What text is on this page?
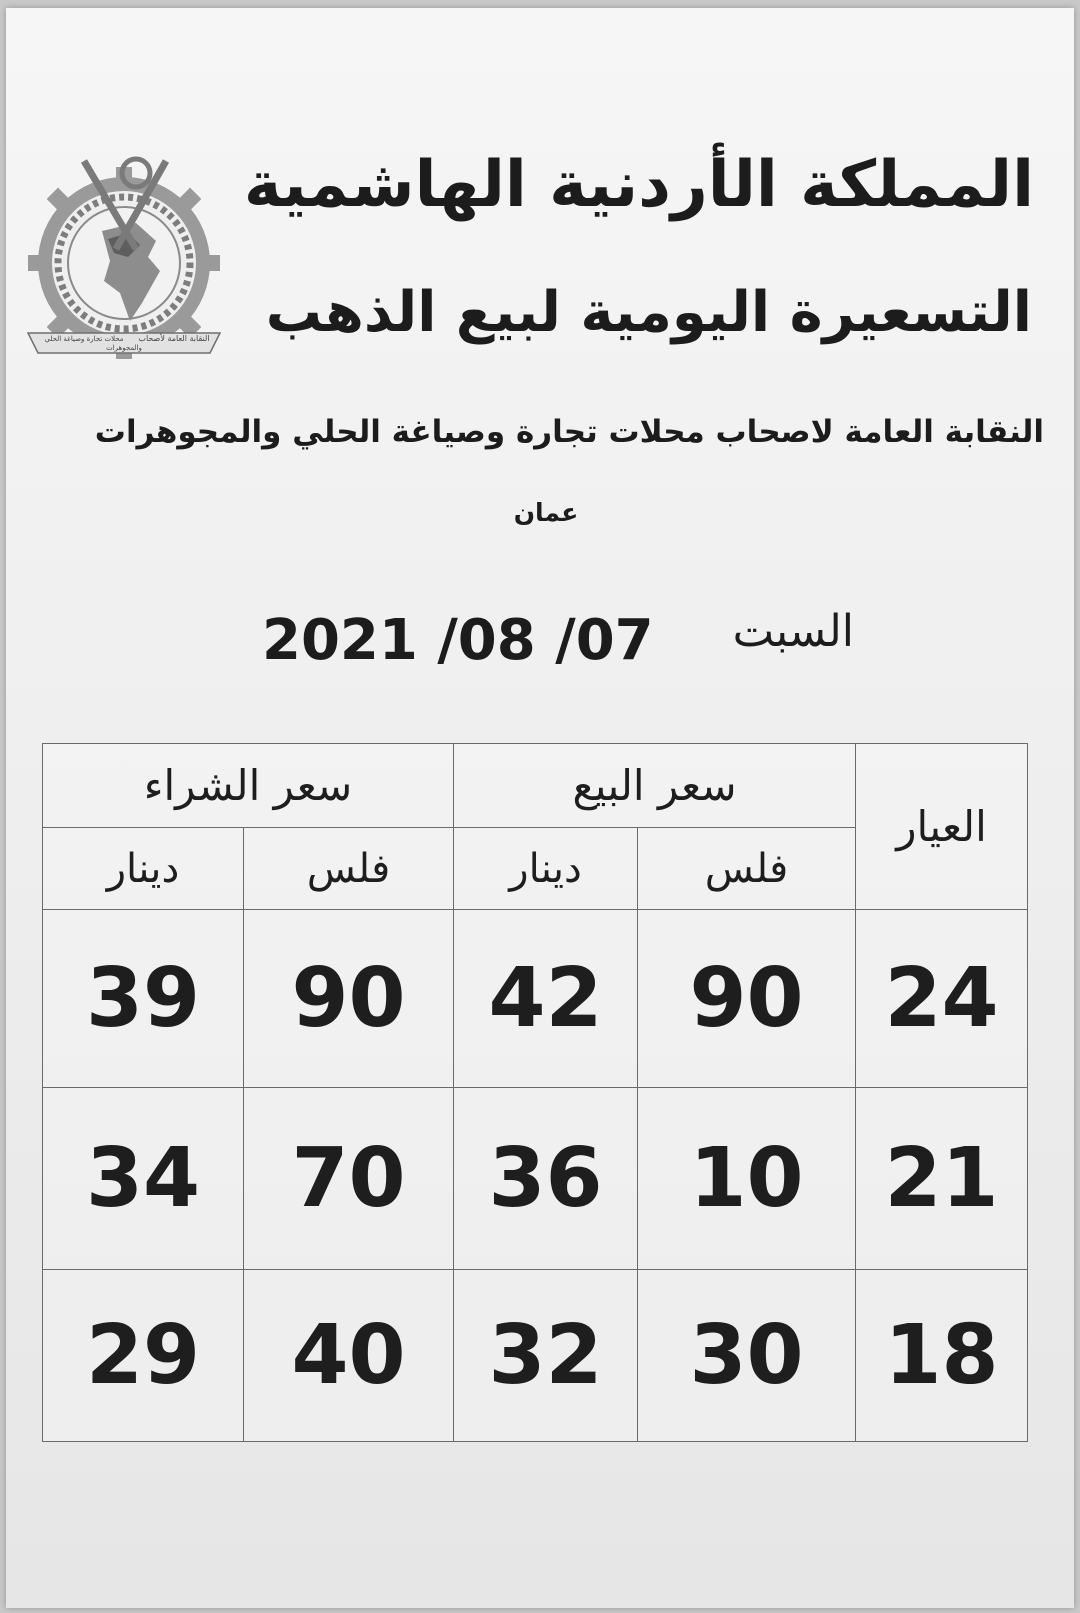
النقابة العامة لأصحاب
محلات تجارة وصياغة الحلي
والمجوهرات
المملكة الأردنية الهاشمية
التسعيرة اليومية لبيع الذهب
النقابة العامة لاصحاب محلات تجارة وصياغة الحلي والمجوهرات
عمان
السبت
2021 /08 /07
العيار	سعر البيع		سعر الشراء	
	فلس	دينار	فلس	دينار
24	90	42	90	39
21	10	36	70	34
18	30	32	40	29
